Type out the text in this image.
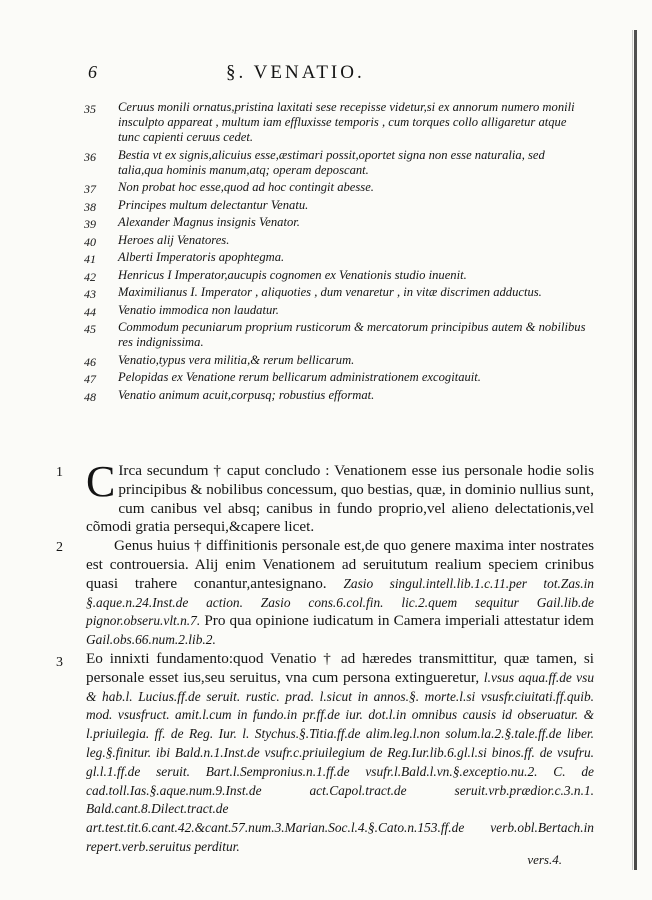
6	§. VENATIO.
35 Ceruus monili ornatus,pristina laxitati sese recepisse videtur,si ex annorum numero monili insculpto appareat , multum iam effluxisse temporis , cum torques collo alligaretur atque tunc capienti ceruus cedet.
36 Bestia vt ex signis,alicuius esse,æstimari possit,oportet signa non esse naturalia, sed talia,qua hominis manum,atq; operam deposcant.
37 Non probat hoc esse,quod ad hoc contingit abesse.
38 Principes multum delectantur Venatu.
39 Alexander Magnus insignis Venator.
40 Heroes alij Venatores.
41 Alberti Imperatoris apophtegma.
42 Henricus I Imperator,aucupis cognomen ex Venationis studio inuenit.
43 Maximilianus I. Imperator , aliquoties , dum venaretur , in vitæ discrimen adductus.
44 Venatio immodica non laudatur.
45 Commodum pecuniarum proprium rusticorum & mercatorum principibus autem & nobilibus res indignissima.
46 Venatio,typus vera militia,& rerum bellicarum.
47 Pelopidas ex Venatione rerum bellicarum administrationem excogitauit.
48 Venatio animum acuit,corpusq; robustius efformat.

1 C Irca secundum † caput concludo : Venationem esse ius personale hodie solis principibus & nobilibus concessum, quo bestias, quæ, in dominio nullius sunt, cum canibus vel absq; canibus in fundo proprio,vel alieno delectationis,vel cõmodi gratia persequi,&capere licet.

2	Genus huius † diffinitionis personale est,de quo genere maxima inter nostrates est controuersia. Alij enim Venationem ad seruitutum realium speciem crinibus quasi trahere conantur,antesignano. Zasio singul.intell.lib.1.c.11.per tot.Zas.in §.aque.n.24.Inst.de action. Zasio cons.6.col.fin. lic.2.quem sequitur Gail.lib.de pignor.obseru.vlt.n.7. Pro qua opinione iudicatum in Camera imperiali attestatur idem Gail.obs.66.num.2.lib.2.

3 Eo innixti fundamento:quod Venatio † ad hæredes transmittitur, quæ tamen, si personale esset ius,seu seruitus, vna cum persona extingueretur, l.vsus aqua.ff.de vsu & hab.l. Lucius.ff.de seruit. rustic. prad. l.sicut in annos.§. morte.l.si vsusfr.ciuitati.ff.quib. mod. vsusfruct. amit.l.cum in fundo.in pr.ff.de iur. dot.l.in omnibus causis id obseruatur. & l.priuilegia. ff. de Reg. Iur. l. Stychus.§.Titia.ff.de alim.leg.l.non solum.la.2.§.tale.ff.de liber. leg.§.finitur. ibi Bald.n.1.Inst.de vsufr.c.priuilegium de Reg.Iur.lib.6.gl.l.si binos.ff. de vsufru. gl.l.1.ff.de seruit. Bart.l.Sempronius.n.1.ff.de vsufr.l.Bald.l.vn.§.exceptio.nu.2. C. de cad.toll.Ias.§.aque.num.9.Inst.de act.Capol.tract.de seruit.vrb.prædior.c.3.n.1. Bald.cant.8.Dilect.tract.de art.test.tit.6.cant.42.&cant.57.num.3.Marian.Soc.l.4.§.Cato.n.153.ff.de verb.obl.Bertach.in repert.verb.seruitus perditur.

vers.4.
